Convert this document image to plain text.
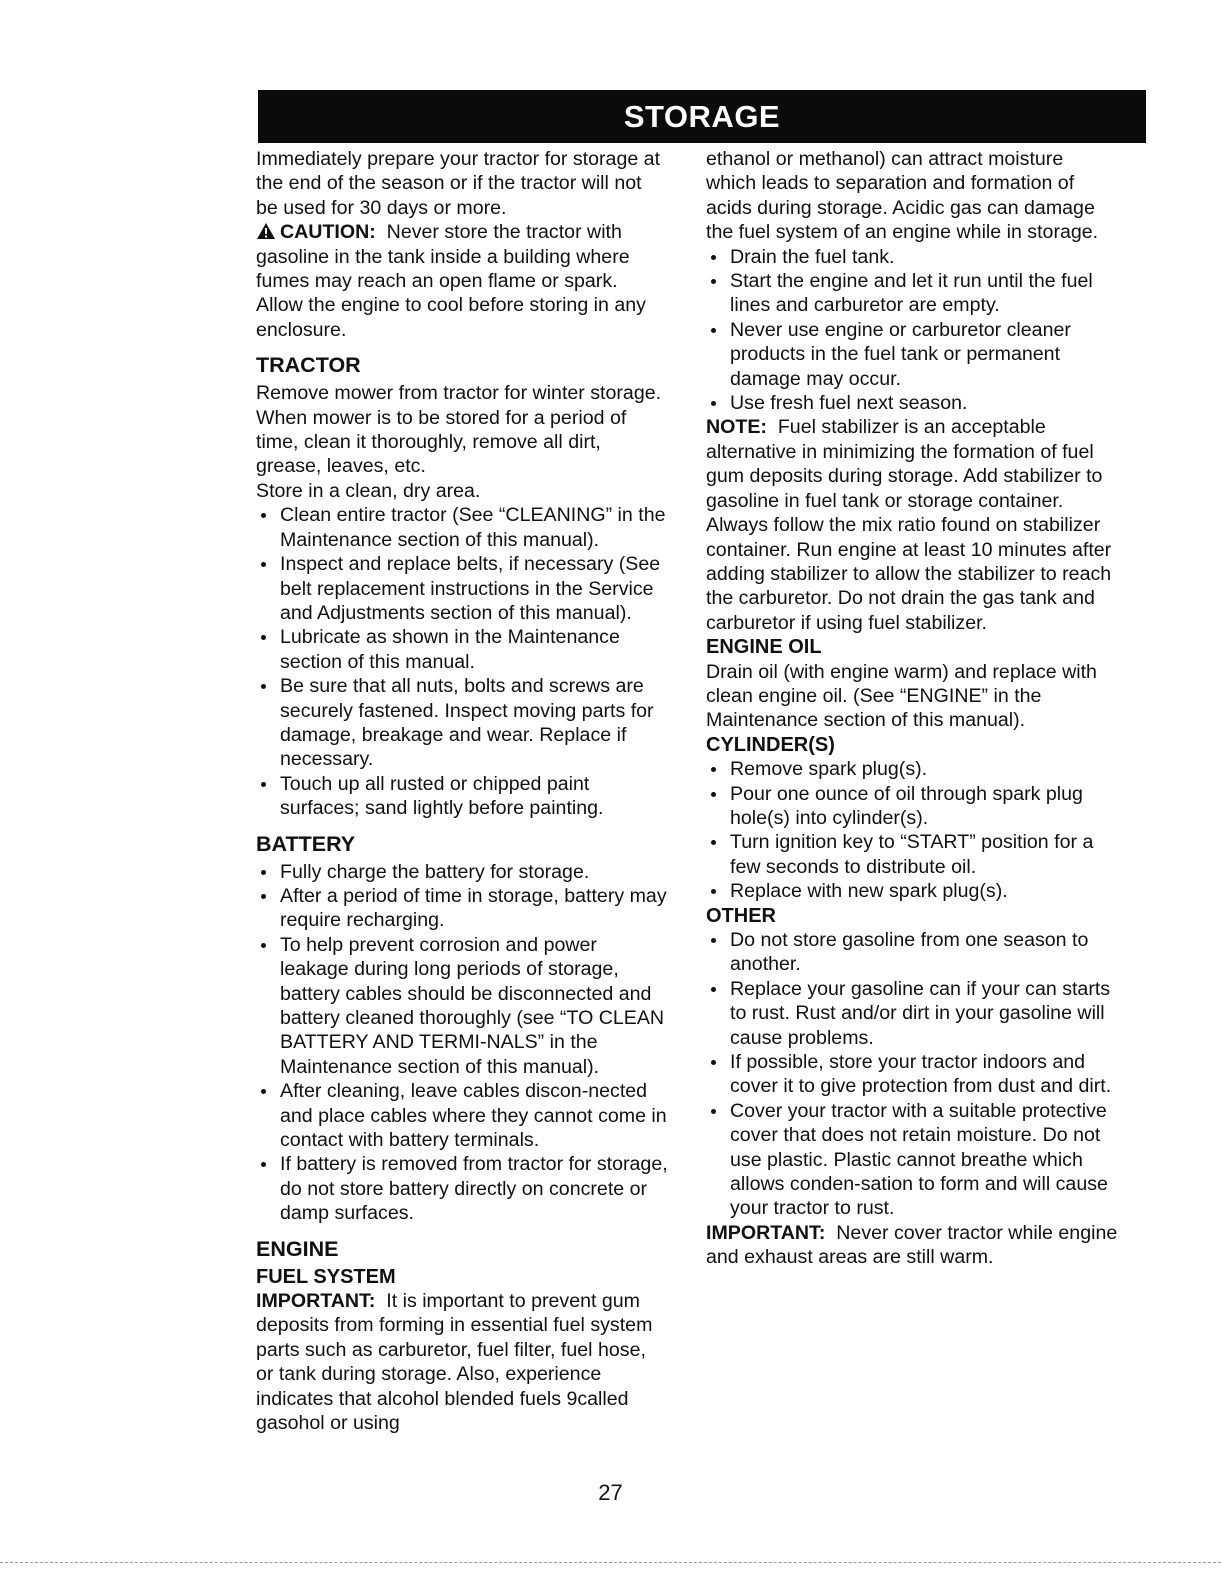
STORAGE

Immediately prepare your tractor for storage at the end of the season or if the tractor will not be used for 30 days or more.

CAUTION: Never store the tractor with gasoline in the tank inside a building where fumes may reach an open flame or spark. Allow the engine to cool before storing in any enclosure.

TRACTOR

Remove mower from tractor for winter storage. When mower is to be stored for a period of time, clean it thoroughly, remove all dirt, grease, leaves, etc.

Store in a clean, dry area.

Clean entire tractor (See “CLEANING” in the Maintenance section of this manual).
Inspect and replace belts, if necessary (See belt replacement instructions in the Service and Adjustments section of this manual).
Lubricate as shown in the Maintenance section of this manual.
Be sure that all nuts, bolts and screws are securely fastened. Inspect moving parts for damage, breakage and wear. Replace if necessary.
Touch up all rusted or chipped paint surfaces; sand lightly before painting.
BATTERY
Fully charge the battery for storage.
After a period of time in storage, battery may require recharging.
To help prevent corrosion and power leakage during long periods of storage, battery cables should be disconnected and battery cleaned thoroughly (see “TO CLEAN BATTERY AND TERMI-NALS” in the Maintenance section of this manual).
After cleaning, leave cables discon-nected and place cables where they cannot come in contact with battery terminals.
If battery is removed from tractor for storage, do not store battery directly on concrete or damp surfaces.
ENGINE
FUEL SYSTEM

IMPORTANT: It is important to prevent gum deposits from forming in essential fuel system parts such as carburetor, fuel filter, fuel hose, or tank during storage. Also, experience indicates that alcohol blended fuels 9called gasohol or using

ethanol or methanol) can attract moisture which leads to separation and formation of acids during storage. Acidic gas can damage the fuel system of an engine while in storage.

Drain the fuel tank.
Start the engine and let it run until the fuel lines and carburetor are empty.
Never use engine or carburetor cleaner products in the fuel tank or permanent damage may occur.
Use fresh fuel next season.

NOTE: Fuel stabilizer is an acceptable alternative in minimizing the formation of fuel gum deposits during storage. Add stabilizer to gasoline in fuel tank or storage container. Always follow the mix ratio found on stabilizer container. Run engine at least 10 minutes after adding stabilizer to allow the stabilizer to reach the carburetor. Do not drain the gas tank and carburetor if using fuel stabilizer.

ENGINE OIL

Drain oil (with engine warm) and replace with clean engine oil. (See “ENGINE” in the Maintenance section of this manual).

CYLINDER(S)
Remove spark plug(s).
Pour one ounce of oil through spark plug hole(s) into cylinder(s).
Turn ignition key to “START” position for a few seconds to distribute oil.
Replace with new spark plug(s).
OTHER
Do not store gasoline from one season to another.
Replace your gasoline can if your can starts to rust. Rust and/or dirt in your gasoline will cause problems.
If possible, store your tractor indoors and cover it to give protection from dust and dirt.
Cover your tractor with a suitable protective cover that does not retain moisture. Do not use plastic. Plastic cannot breathe which allows conden-sation to form and will cause your tractor to rust.

IMPORTANT: Never cover tractor while engine and exhaust areas are still warm.

27
